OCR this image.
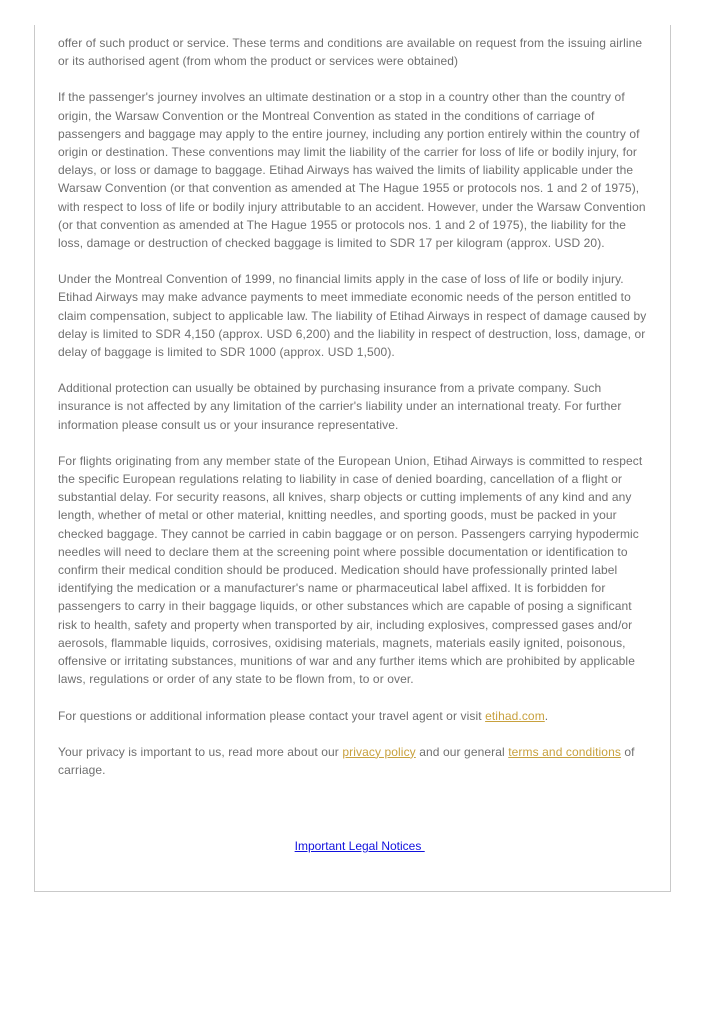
offer of such product or service. These terms and conditions are available on request from the issuing airline or its authorised agent (from whom the product or services were obtained)

If the passenger's journey involves an ultimate destination or a stop in a country other than the country of origin, the Warsaw Convention or the Montreal Convention as stated in the conditions of carriage of passengers and baggage may apply to the entire journey, including any portion entirely within the country of origin or destination. These conventions may limit the liability of the carrier for loss of life or bodily injury, for delays, or loss or damage to baggage. Etihad Airways has waived the limits of liability applicable under the Warsaw Convention (or that convention as amended at The Hague 1955 or protocols nos. 1 and 2 of 1975), with respect to loss of life or bodily injury attributable to an accident. However, under the Warsaw Convention (or that convention as amended at The Hague 1955 or protocols nos. 1 and 2 of 1975), the liability for the loss, damage or destruction of checked baggage is limited to SDR 17 per kilogram (approx. USD 20).

Under the Montreal Convention of 1999, no financial limits apply in the case of loss of life or bodily injury. Etihad Airways may make advance payments to meet immediate economic needs of the person entitled to claim compensation, subject to applicable law. The liability of Etihad Airways in respect of damage caused by delay is limited to SDR 4,150 (approx. USD 6,200) and the liability in respect of destruction, loss, damage, or delay of baggage is limited to SDR 1000 (approx. USD 1,500).

Additional protection can usually be obtained by purchasing insurance from a private company. Such insurance is not affected by any limitation of the carrier's liability under an international treaty. For further information please consult us or your insurance representative.

For flights originating from any member state of the European Union, Etihad Airways is committed to respect the specific European regulations relating to liability in case of denied boarding, cancellation of a flight or substantial delay. For security reasons, all knives, sharp objects or cutting implements of any kind and any length, whether of metal or other material, knitting needles, and sporting goods, must be packed in your checked baggage. They cannot be carried in cabin baggage or on person. Passengers carrying hypodermic needles will need to declare them at the screening point where possible documentation or identification to confirm their medical condition should be produced. Medication should have professionally printed label identifying the medication or a manufacturer's name or pharmaceutical label affixed. It is forbidden for passengers to carry in their baggage liquids, or other substances which are capable of posing a significant risk to health, safety and property when transported by air, including explosives, compressed gases and/or aerosols, flammable liquids, corrosives, oxidising materials, magnets, materials easily ignited, poisonous, offensive or irritating substances, munitions of war and any further items which are prohibited by applicable laws, regulations or order of any state to be flown from, to or over.

For questions or additional information please contact your travel agent or visit etihad.com.

Your privacy is important to us, read more about our privacy policy and our general terms and conditions of carriage.

Important Legal Notices
